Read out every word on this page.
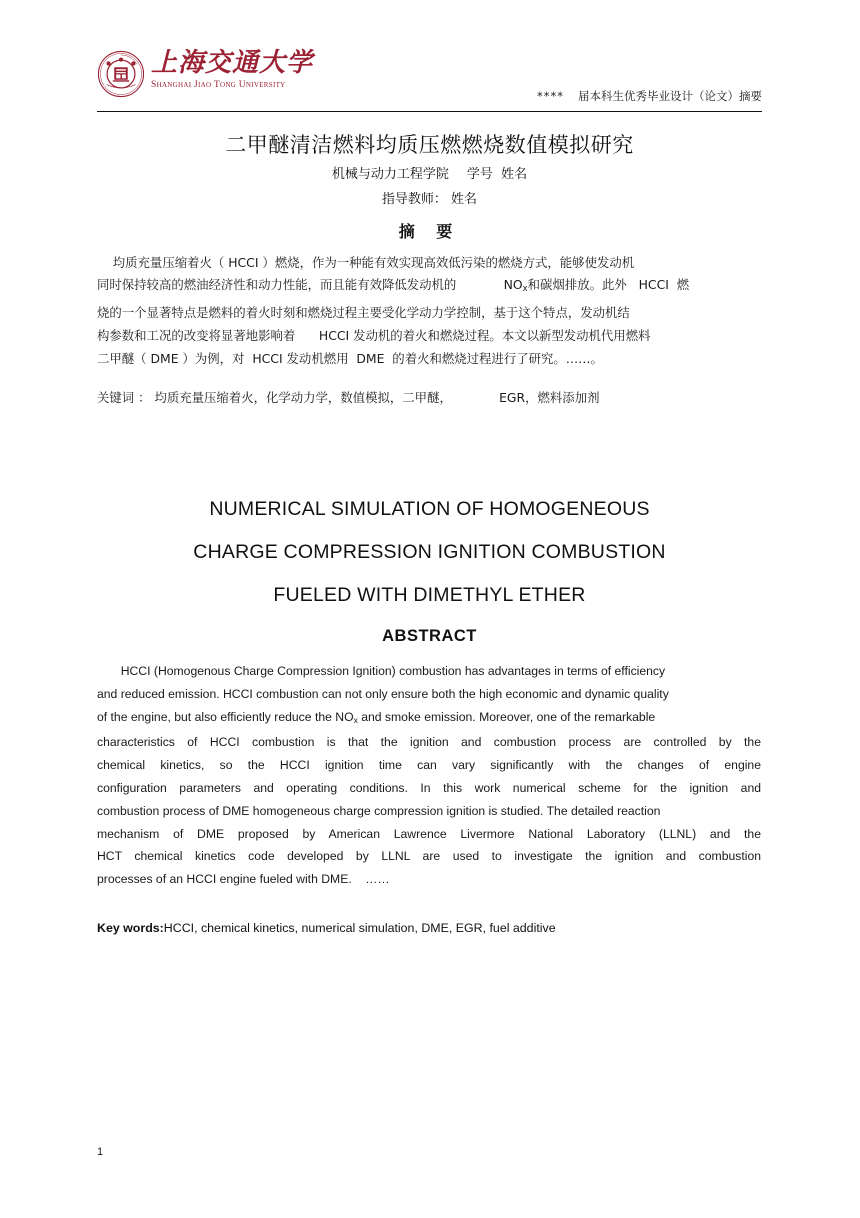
上海交通大学
Shanghai Jiao Tong University
**** 届本科生优秀毕业设计（论文）摘要
二甲醚清洁燃料均质压燃燃烧数值模拟研究
机械与动力工程学院 学号 姓名
指导教师： 姓名
摘 要
均质充量压缩着火（ HCCI ）燃烧，作为一种能有效实现高效低污染的燃烧方式，能够使发动机
同时保持较高的燃油经济性和动力性能，而且能有效降低发动机的            $NO_x$和碳烟排放。此外   HCCI  燃
烧的一个显著特点是燃料的着火时刻和燃烧过程主要受化学动力学控制，基于这个特点，发动机结
构参数和工况的改变将显著地影响着      HCCI 发动机的着火和燃烧过程。本文以新型发动机代用燃料
二甲醚（ DME ）为例，对  HCCI 发动机燃用  DME  的着火和燃烧过程进行了研究。……。
关键词 ： 均质充量压缩着火，化学动力学，数值模拟，二甲醚，            EGR，燃料添加剂
NUMERICAL SIMULATION OF HOMOGENEOUS
CHARGE COMPRESSION IGNITION COMBUSTION
FUELED WITH DIMETHYL ETHER
ABSTRACT
HCCI (Homogenous Charge Compression Ignition) combustion has advantages in terms of efficiency
and reduced emission. HCCI combustion can not only ensure both the high economic and dynamic quality
of the engine, but also efficiently reduce the $NO_x$ and smoke emission. Moreover, one of the remarkable
characteristics of HCCI combustion is that the ignition and combustion process are controlled by the
chemical kinetics, so the HCCI ignition time can vary significantly with the changes of engine
configuration parameters and operating conditions. In this work numerical scheme for the ignition and
combustion process of DME homogeneous charge compression ignition is studied. The detailed reaction
mechanism of DME proposed by American Lawrence Livermore National Laboratory (LLNL) and the
HCT chemical kinetics code developed by LLNL are used to investigate the ignition and combustion
processes of an HCCI engine fueled with DME.    ……
Key words:HCCI, chemical kinetics, numerical simulation, DME, EGR, fuel additive
1
